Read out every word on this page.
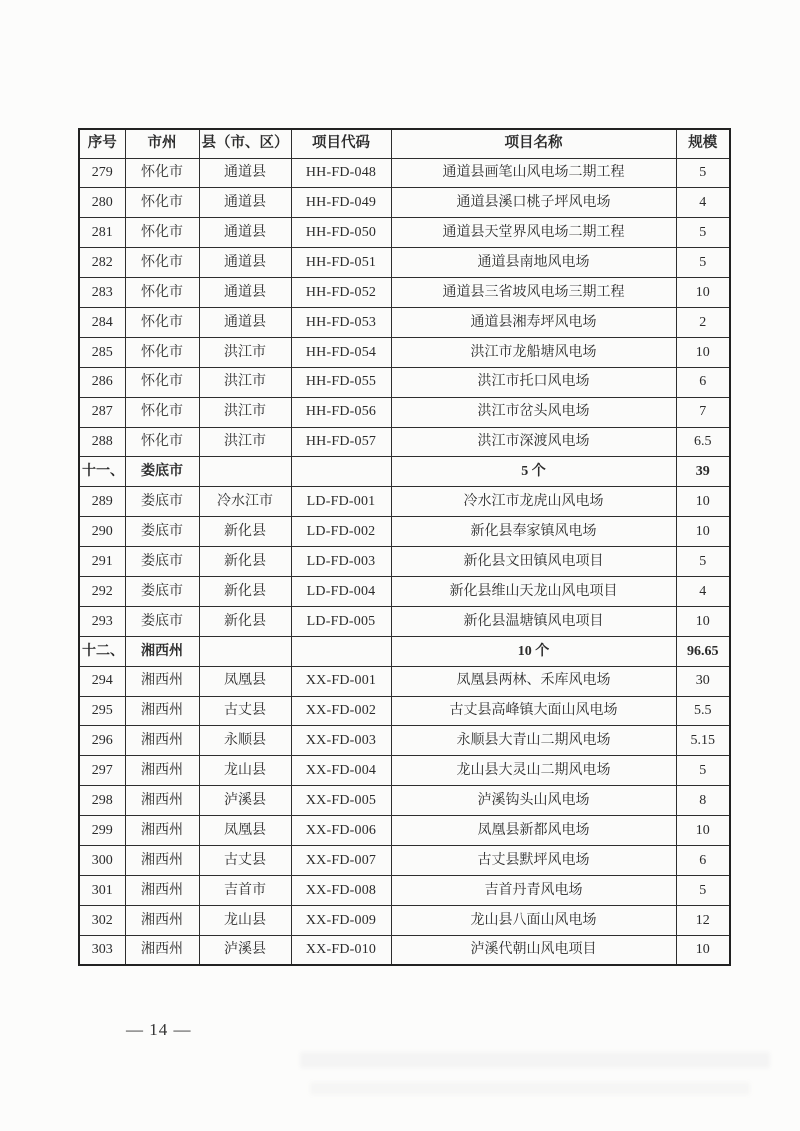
序号	市州	县（市、区）	项目代码	项目名称	规模
279	怀化市	通道县	HH-FD-048	通道县画笔山风电场二期工程	5
280	怀化市	通道县	HH-FD-049	通道县溪口桃子坪风电场	4
281	怀化市	通道县	HH-FD-050	通道县天堂界风电场二期工程	5
282	怀化市	通道县	HH-FD-051	通道县南地风电场	5
283	怀化市	通道县	HH-FD-052	通道县三省坡风电场三期工程	10
284	怀化市	通道县	HH-FD-053	通道县湘寿坪风电场	2
285	怀化市	洪江市	HH-FD-054	洪江市龙船塘风电场	10
286	怀化市	洪江市	HH-FD-055	洪江市托口风电场	6
287	怀化市	洪江市	HH-FD-056	洪江市岔头风电场	7
288	怀化市	洪江市	HH-FD-057	洪江市深渡风电场	6.5
十一、	娄底市			5 个	39
289	娄底市	冷水江市	LD-FD-001	冷水江市龙虎山风电场	10
290	娄底市	新化县	LD-FD-002	新化县奉家镇风电场	10
291	娄底市	新化县	LD-FD-003	新化县文田镇风电项目	5
292	娄底市	新化县	LD-FD-004	新化县维山天龙山风电项目	4
293	娄底市	新化县	LD-FD-005	新化县温塘镇风电项目	10
十二、	湘西州			10 个	96.65
294	湘西州	凤凰县	XX-FD-001	凤凰县两林、禾库风电场	30
295	湘西州	古丈县	XX-FD-002	古丈县高峰镇大面山风电场	5.5
296	湘西州	永顺县	XX-FD-003	永顺县大青山二期风电场	5.15
297	湘西州	龙山县	XX-FD-004	龙山县大灵山二期风电场	5
298	湘西州	泸溪县	XX-FD-005	泸溪钩头山风电场	8
299	湘西州	凤凰县	XX-FD-006	凤凰县新都风电场	10
300	湘西州	古丈县	XX-FD-007	古丈县默坪风电场	6
301	湘西州	吉首市	XX-FD-008	吉首丹青风电场	5
302	湘西州	龙山县	XX-FD-009	龙山县八面山风电场	12
303	湘西州	泸溪县	XX-FD-010	泸溪代朝山风电项目	10
— 14 —
